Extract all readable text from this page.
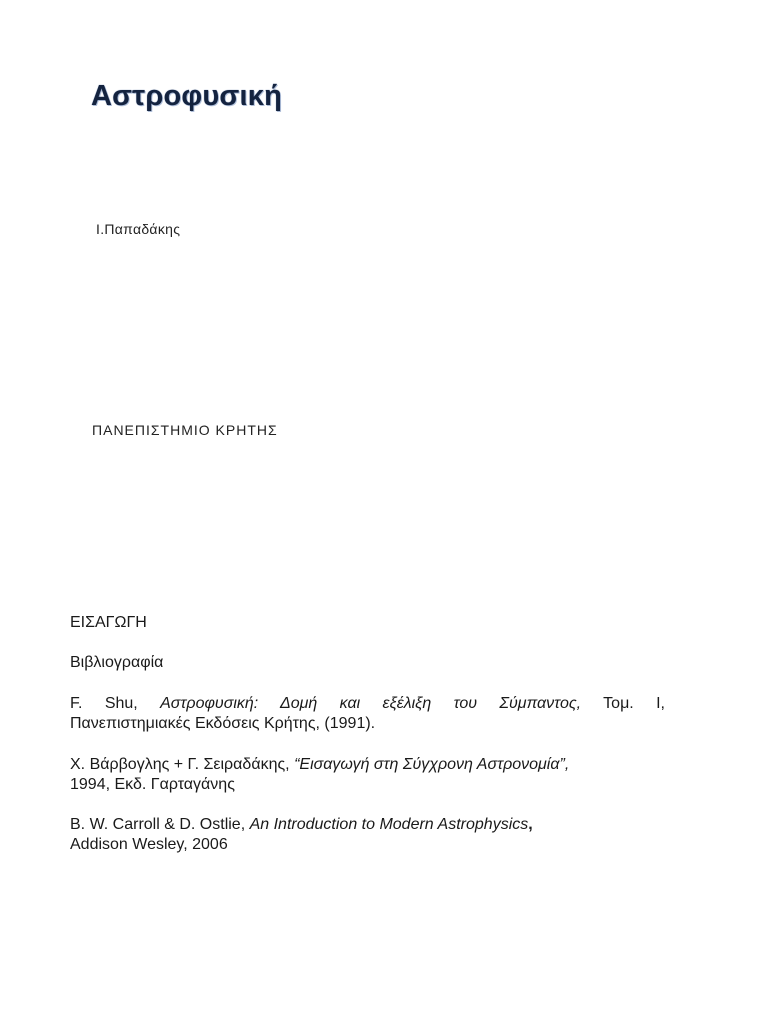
Αστροφυσική
Ι.Παπαδάκης
ΠΑΝΕΠΙΣΤΗΜΙΟ ΚΡΗΤΗΣ
ΕΙΣΑΓΩΓΗ
Βιβλιογραφία
F. Shu, Αστροφυσική: Δομή και εξέλιξη του Σύμπαντος, Τομ. Ι,
Πανεπιστημιακές Εκδόσεις Κρήτης, (1991).
Χ. Βάρβογλης + Γ. Σειραδάκης, “Εισαγωγή στη Σύγχρονη Αστρονομία”,
1994, Εκδ. Γαρταγάνης
B. W. Carroll & D. Ostlie, An Introduction to Modern Astrophysics,
Addison Wesley, 2006
